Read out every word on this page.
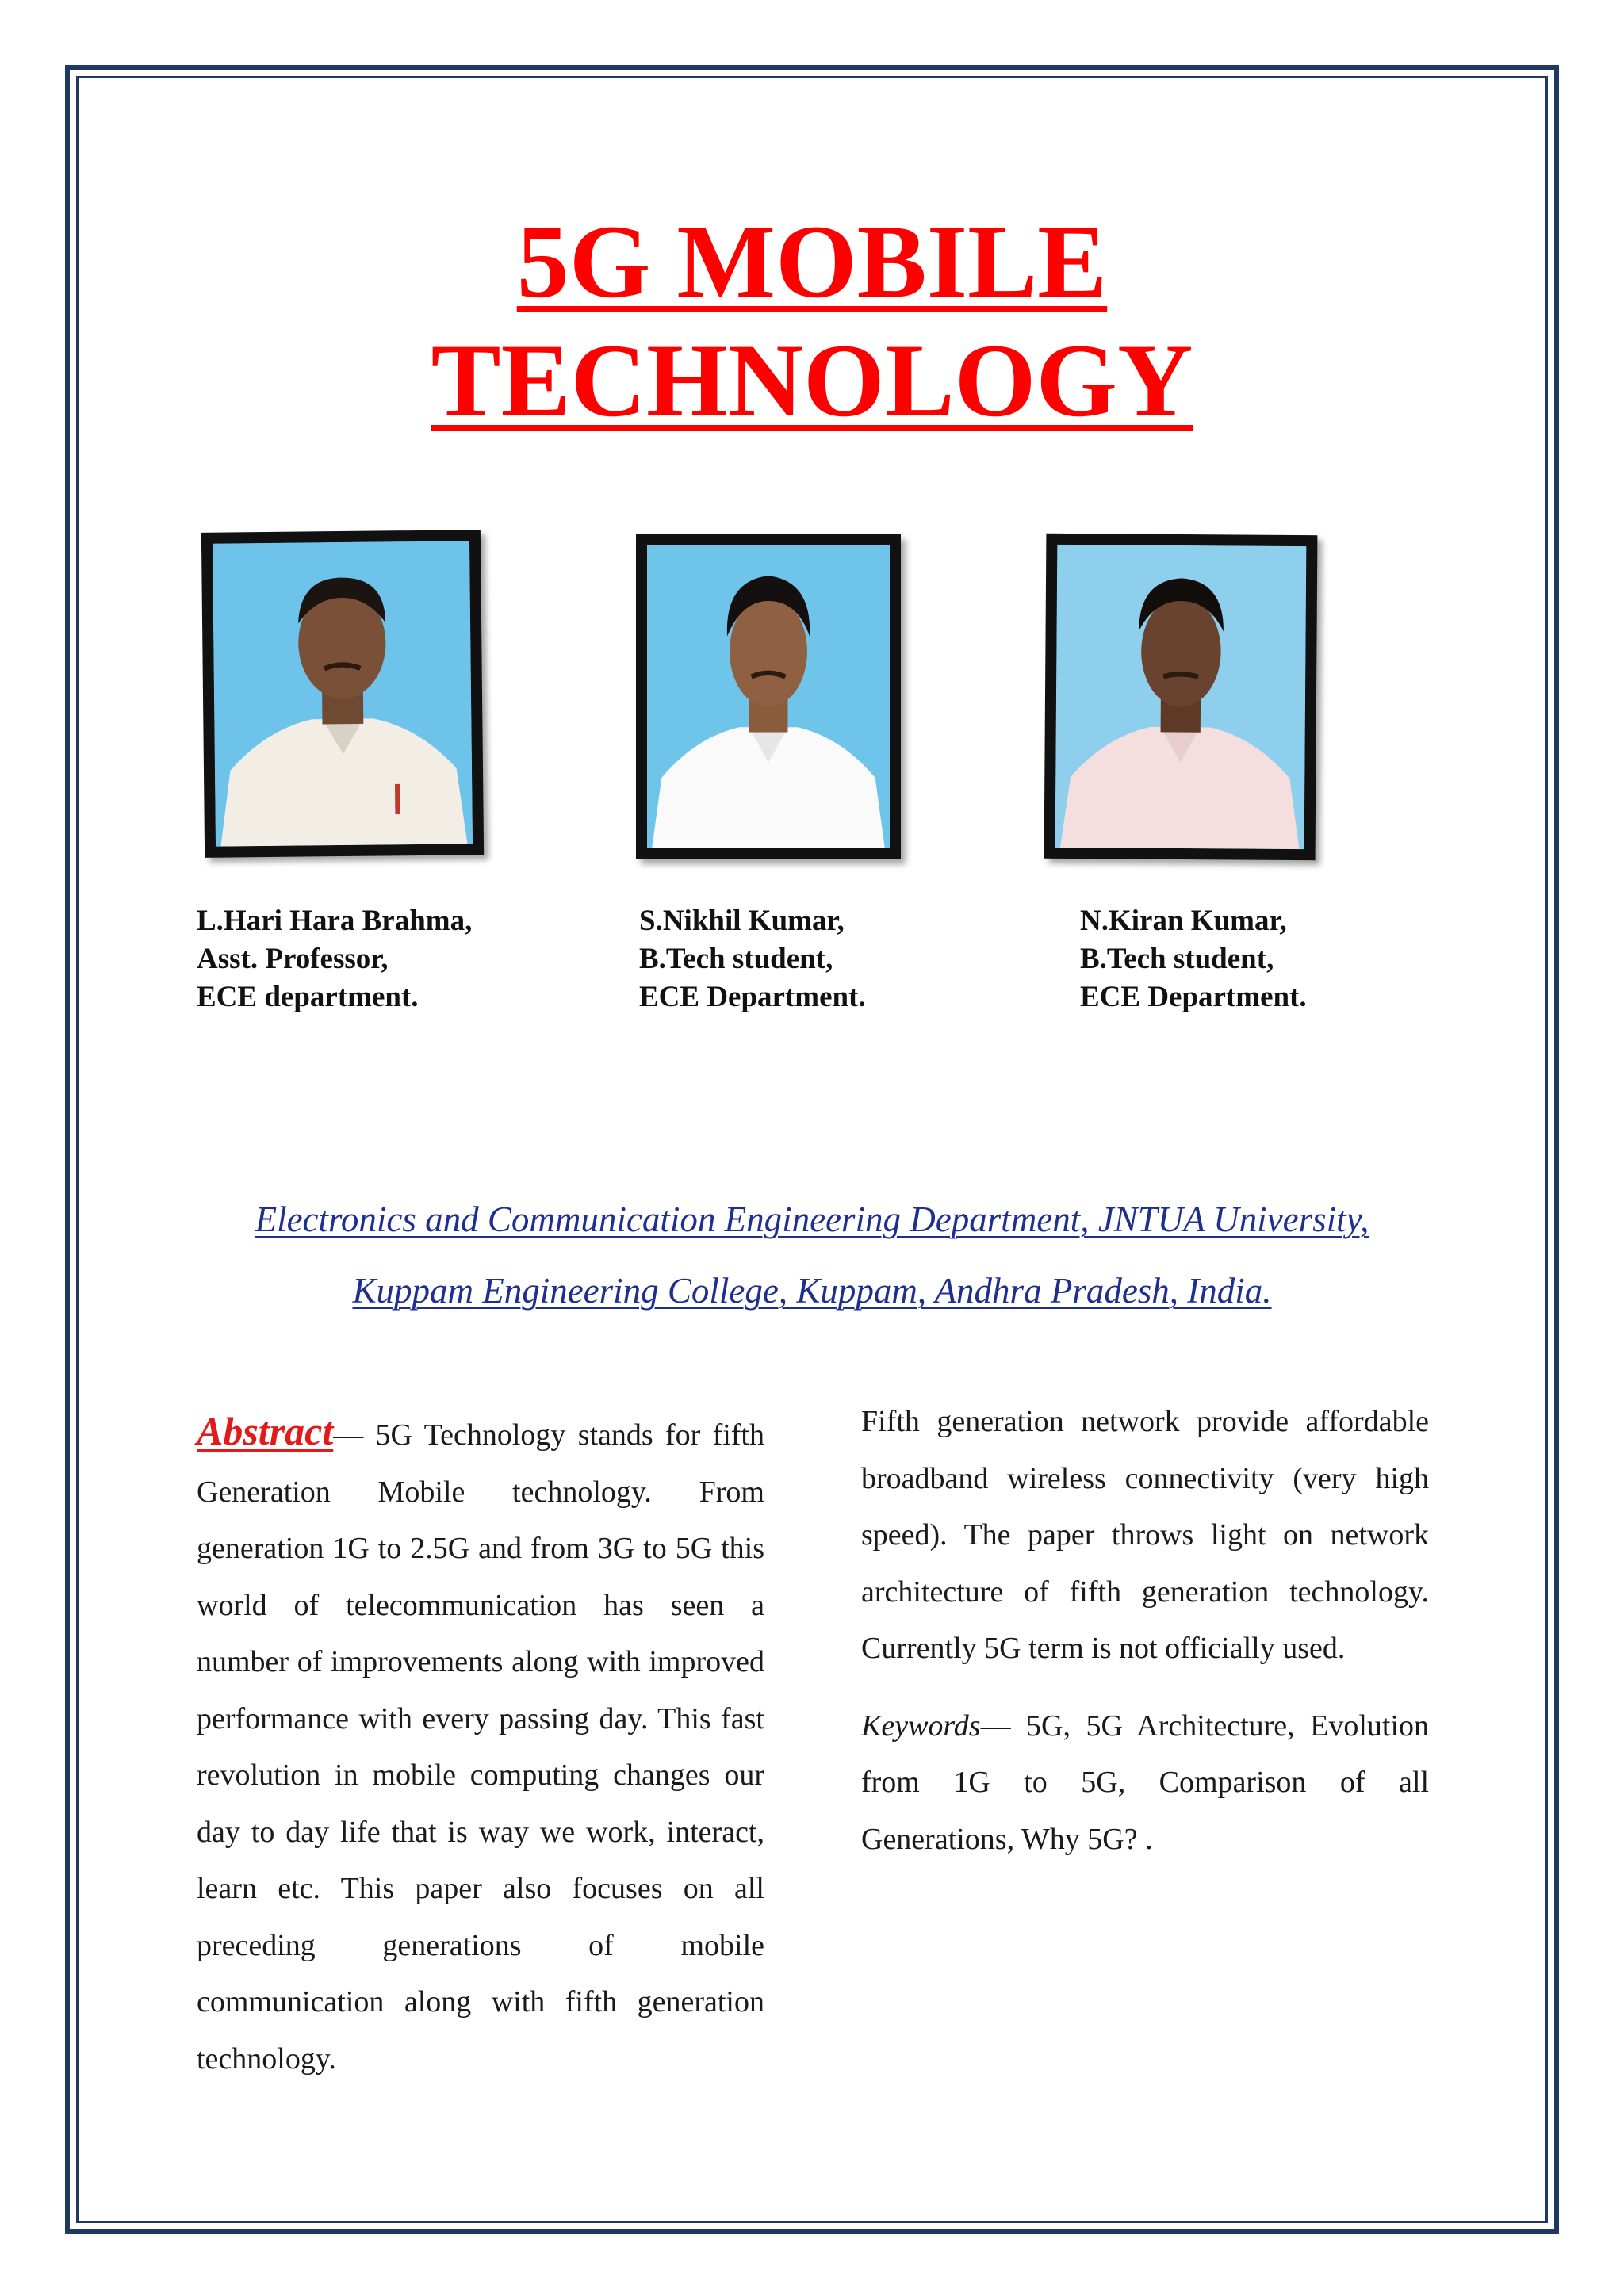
5G MOBILE
TECHNOLOGY
L.Hari Hara Brahma,
Asst. Professor,
ECE department.
S.Nikhil Kumar,
B.Tech student,
ECE Department.
N.Kiran Kumar,
B.Tech student,
ECE Department.
Electronics and Communication Engineering Department, JNTUA University,
Kuppam Engineering College, Kuppam, Andhra Pradesh, India.

Abstract— 5G Technology stands for fifth Generation Mobile technology. From generation 1G to 2.5G and from 3G to 5G this world of telecommunication has seen a number of improvements along with improved performance with every passing day. This fast revolution in mobile computing changes our day to day life that is way we work, interact, learn etc. This paper also focuses on all preceding generations of mobile communication along with fifth generation technology.

Fifth generation network provide affordable broadband wireless connectivity (very high speed). The paper throws light on network architecture of fifth generation technology. Currently 5G term is not officially used.

Keywords— 5G, 5G Architecture, Evolution from 1G to 5G, Comparison of all Generations, Why 5G? .
